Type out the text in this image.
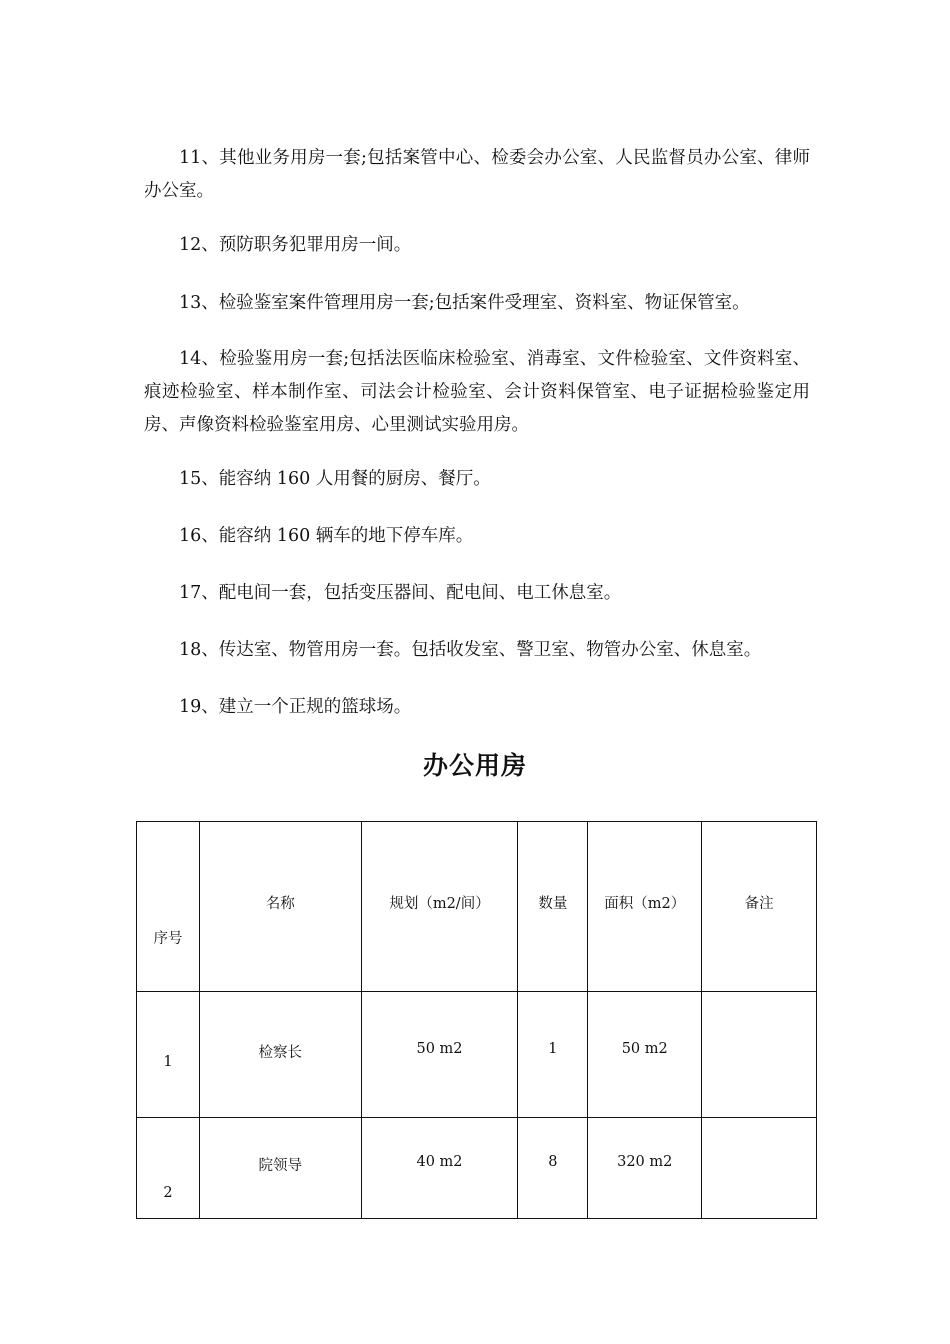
11、其他业务用房一套;包括案管中心、检委会办公室、人民监督员办公室、律师办公室。

12、预防职务犯罪用房一间。

13、检验鉴室案件管理用房一套;包括案件受理室、资料室、物证保管室。

14、检验鉴用房一套;包括法医临床检验室、消毒室、文件检验室、文件资料室、痕迹检验室、样本制作室、司法会计检验室、会计资料保管室、电子证据检验鉴定用房、声像资料检验鉴室用房、心里测试实验用房。

15、能容纳 160 人用餐的厨房、餐厅。

16、能容纳 160 辆车的地下停车库。

17、配电间一套，包括变压器间、配电间、电工休息室。

18、传达室、物管用房一套。包括收发室、警卫室、物管办公室、休息室。

19、建立一个正规的篮球场。

办公用房
序号	名称	规划（m2/间）	数量	面积（m2）	备注

1	检察长	50 m2	1	50 m2	

2	院领导	40 m2	8	320 m2	
